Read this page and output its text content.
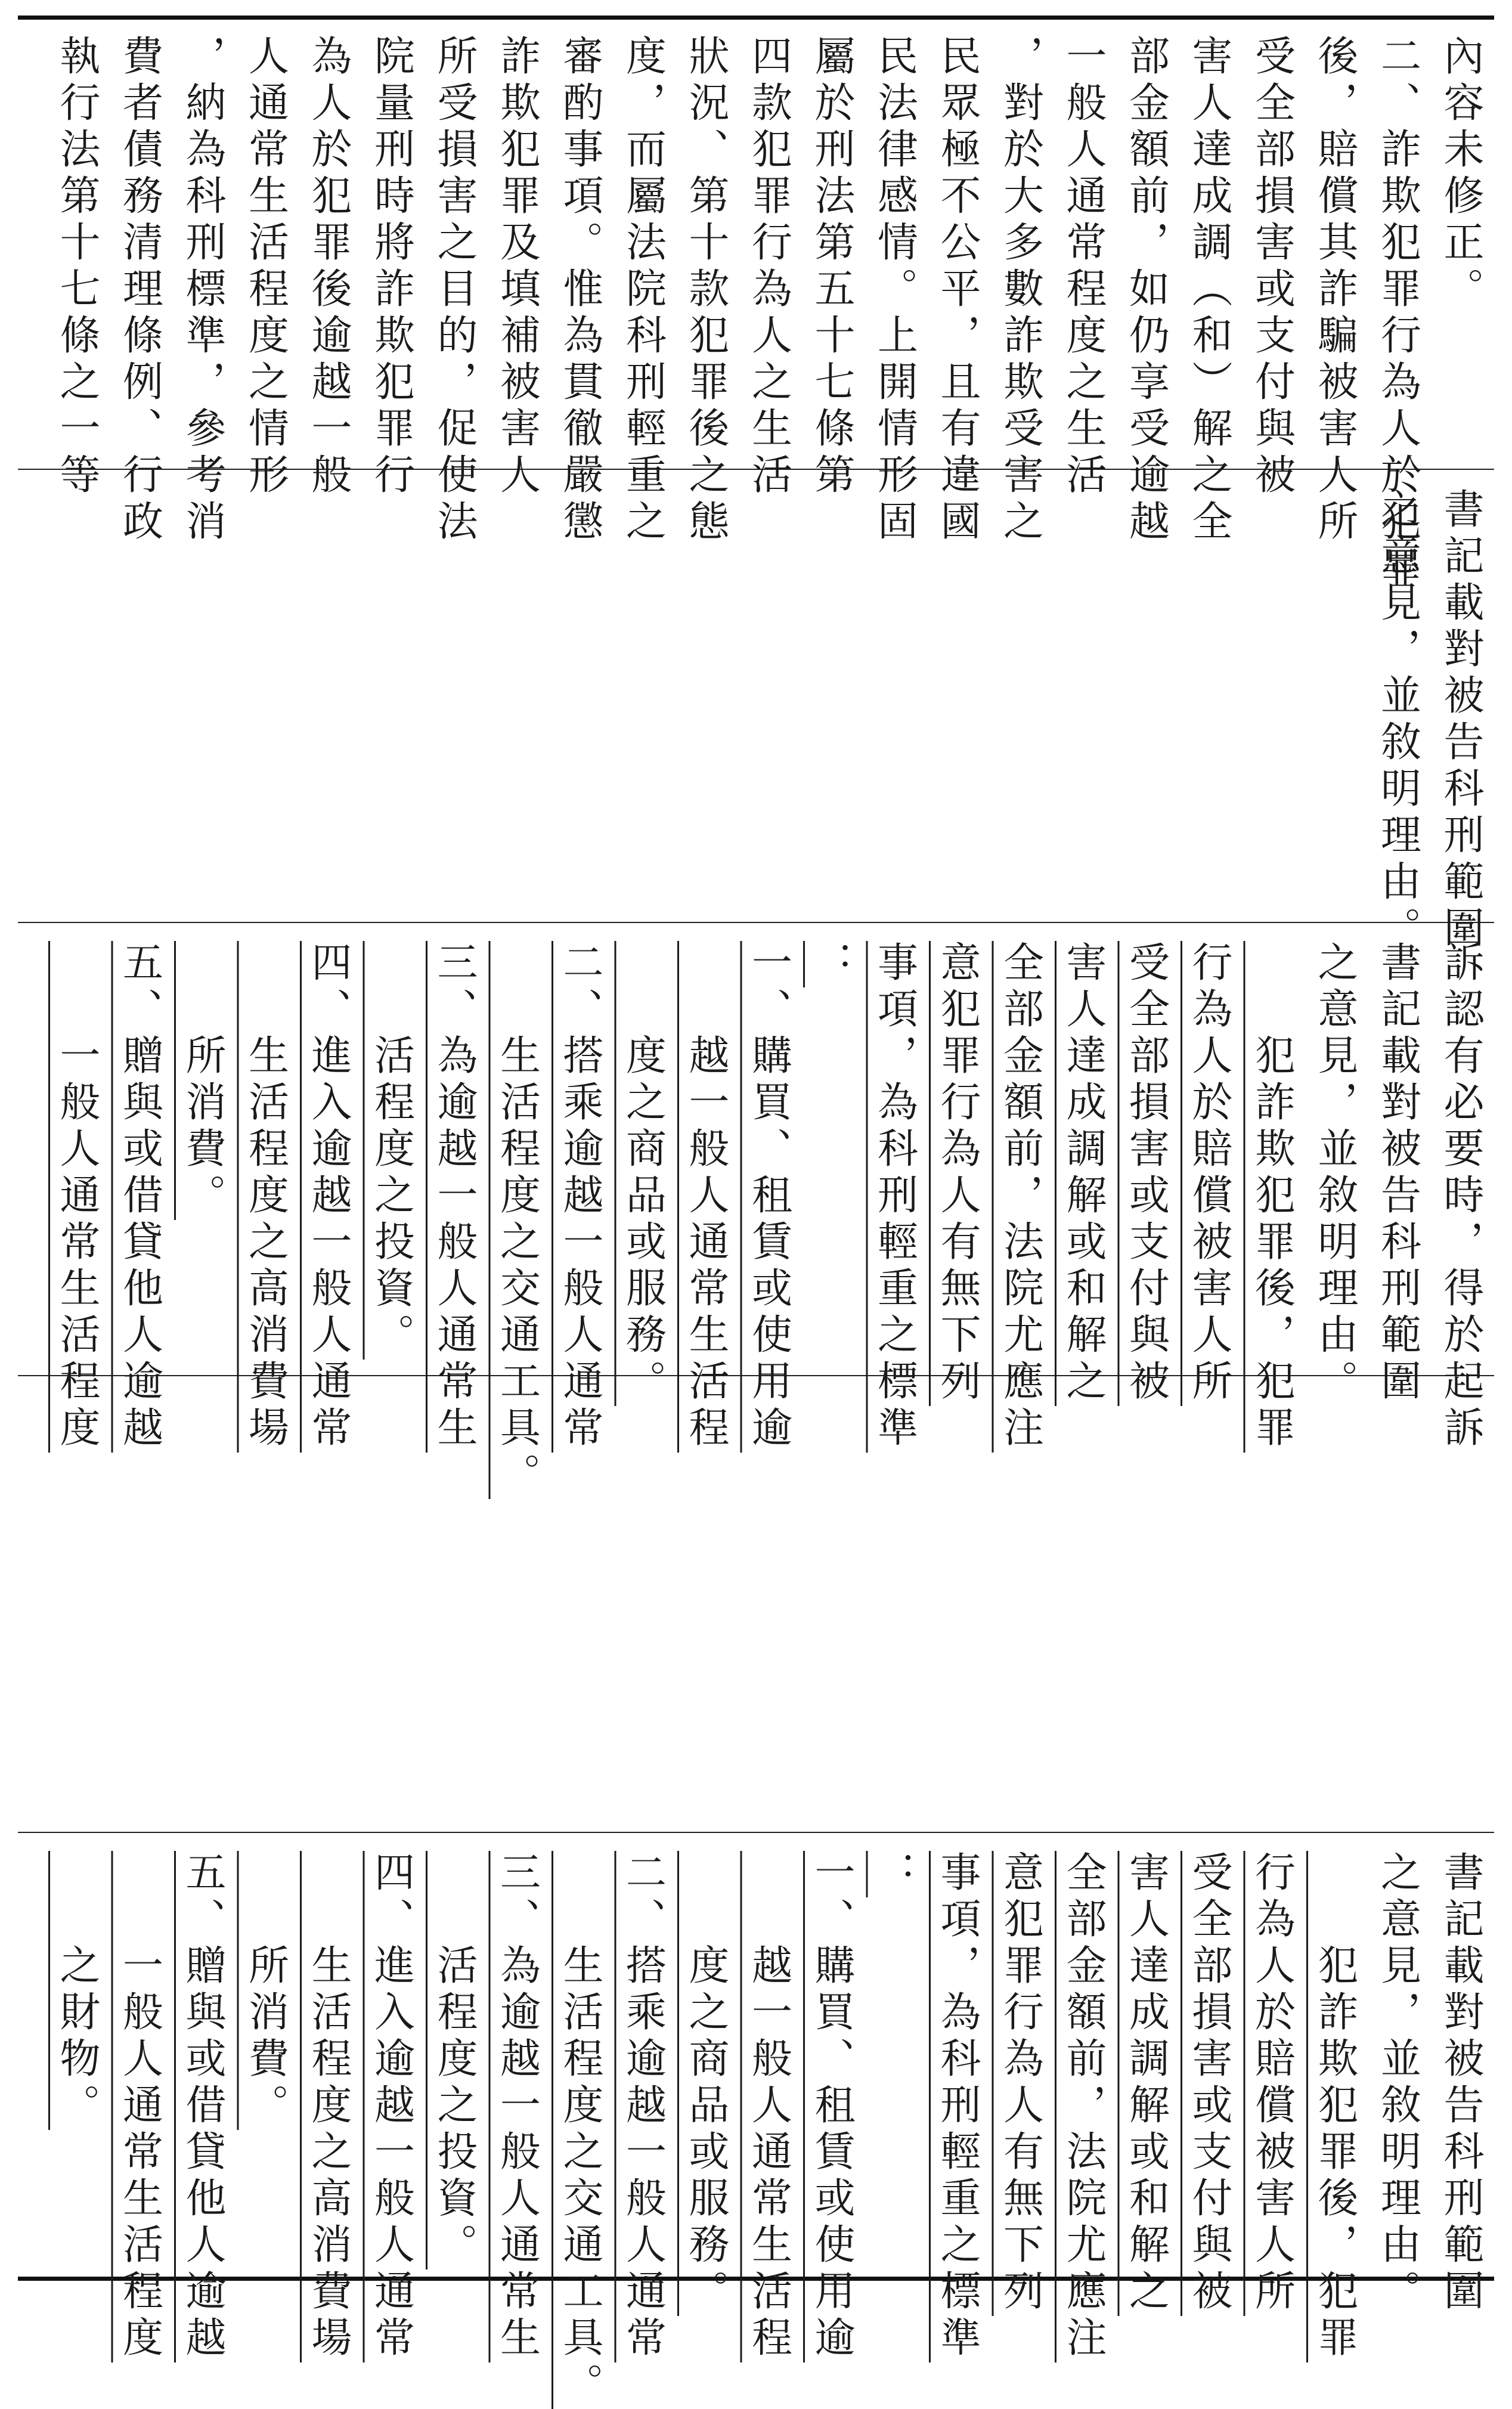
內容未修正。
二、詐欺犯罪行為人於犯罪
後，賠償其詐騙被害人所
受全部損害或支付與被
害人達成調（和）解之全
部金額前，如仍享受逾越
一般人通常程度之生活
，對於大多數詐欺受害之
民眾極不公平，且有違國
民法律感情。上開情形固
屬於刑法第五十七條第
四款犯罪行為人之生活
狀況、第十款犯罪後之態
度，而屬法院科刑輕重之
審酌事項。惟為貫徹嚴懲
詐欺犯罪及填補被害人
所受損害之目的，促使法
院量刑時將詐欺犯罪行
為人於犯罪後逾越一般
人通常生活程度之情形
，納為科刑標準，參考消
費者債務清理條例、行政
執行法第十七條之一等
書記載對被告科刑範圍
之意見，並敘明理由。
訴認有必要時，得於起訴
書記載對被告科刑範圍
之意見，並敘明理由。
　　犯詐欺犯罪後，犯罪
行為人於賠償被害人所
受全部損害或支付與被
害人達成調解或和解之
全部金額前，法院尤應注
意犯罪行為人有無下列
事項，為科刑輕重之標準
：
一、購買、租賃或使用逾
　　越一般人通常生活程
　　度之商品或服務。
二、搭乘逾越一般人通常
　　生活程度之交通工具。
三、為逾越一般人通常生
　　活程度之投資。
四、進入逾越一般人通常
　　生活程度之高消費場
　　所消費。
五、贈與或借貸他人逾越
　　一般人通常生活程度
書記載對被告科刑範圍
之意見，並敘明理由。
　　犯詐欺犯罪後，犯罪
行為人於賠償被害人所
受全部損害或支付與被
害人達成調解或和解之
全部金額前，法院尤應注
意犯罪行為人有無下列
事項，為科刑輕重之標準
：
一、購買、租賃或使用逾
　　越一般人通常生活程
　　度之商品或服務。
二、搭乘逾越一般人通常
　　生活程度之交通工具。
三、為逾越一般人通常生
　　活程度之投資。
四、進入逾越一般人通常
　　生活程度之高消費場
　　所消費。
五、贈與或借貸他人逾越
　　一般人通常生活程度
　　之財物。
